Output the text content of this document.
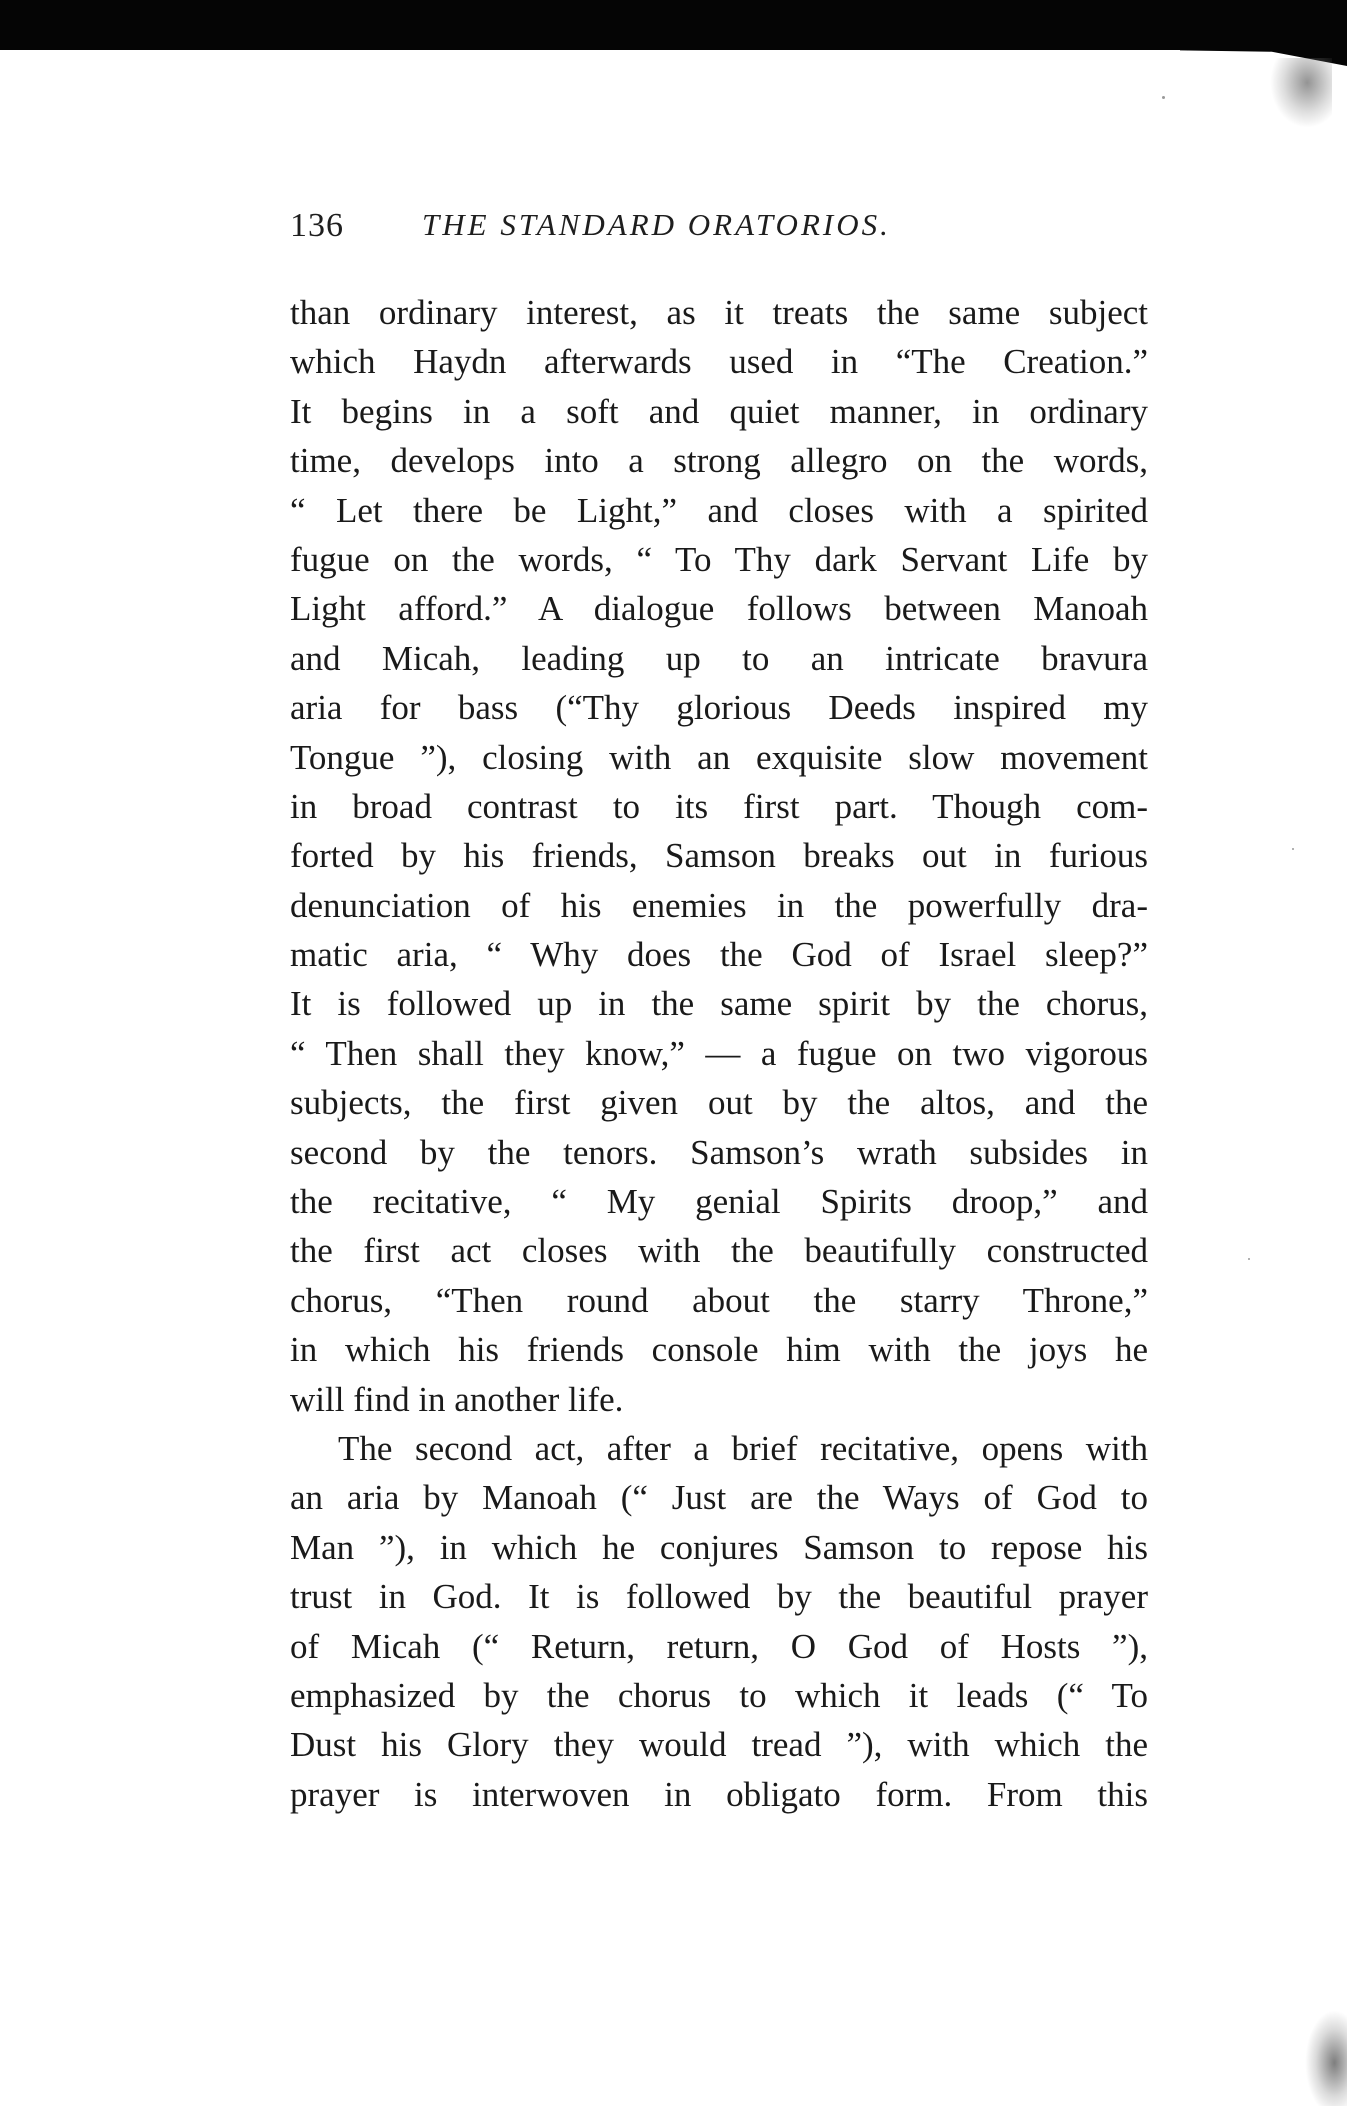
136	THE STANDARD ORATORIOS.
than ordinary interest, as it treats the same subject
which Haydn afterwards used in “The Creation.”
It begins in a soft and quiet manner, in ordinary
time, develops into a strong allegro on the words,
“ Let there be Light,” and closes with a spirited
fugue on the words, “ To Thy dark Servant Life by
Light afford.” A dialogue follows between Manoah
and Micah, leading up to an intricate bravura
aria for bass (“Thy glorious Deeds inspired my
Tongue ”), closing with an exquisite slow movement
in broad contrast to its first part. Though com-
forted by his friends, Samson breaks out in furious
denunciation of his enemies in the powerfully dra-
matic aria, “ Why does the God of Israel sleep?”
It is followed up in the same spirit by the chorus,
“ Then shall they know,” — a fugue on two vigorous
subjects, the first given out by the altos, and the
second by the tenors. Samson’s wrath subsides in
the recitative, “ My genial Spirits droop,” and
the first act closes with the beautifully constructed
chorus, “Then round about the starry Throne,”
in which his friends console him with the joys he
will find in another life.
The second act, after a brief recitative, opens with
an aria by Manoah (“ Just are the Ways of God to
Man ”), in which he conjures Samson to repose his
trust in God. It is followed by the beautiful prayer
of Micah (“ Return, return, O God of Hosts ”),
emphasized by the chorus to which it leads (“ To
Dust his Glory they would tread ”), with which the
prayer is interwoven in obligato form. From this
